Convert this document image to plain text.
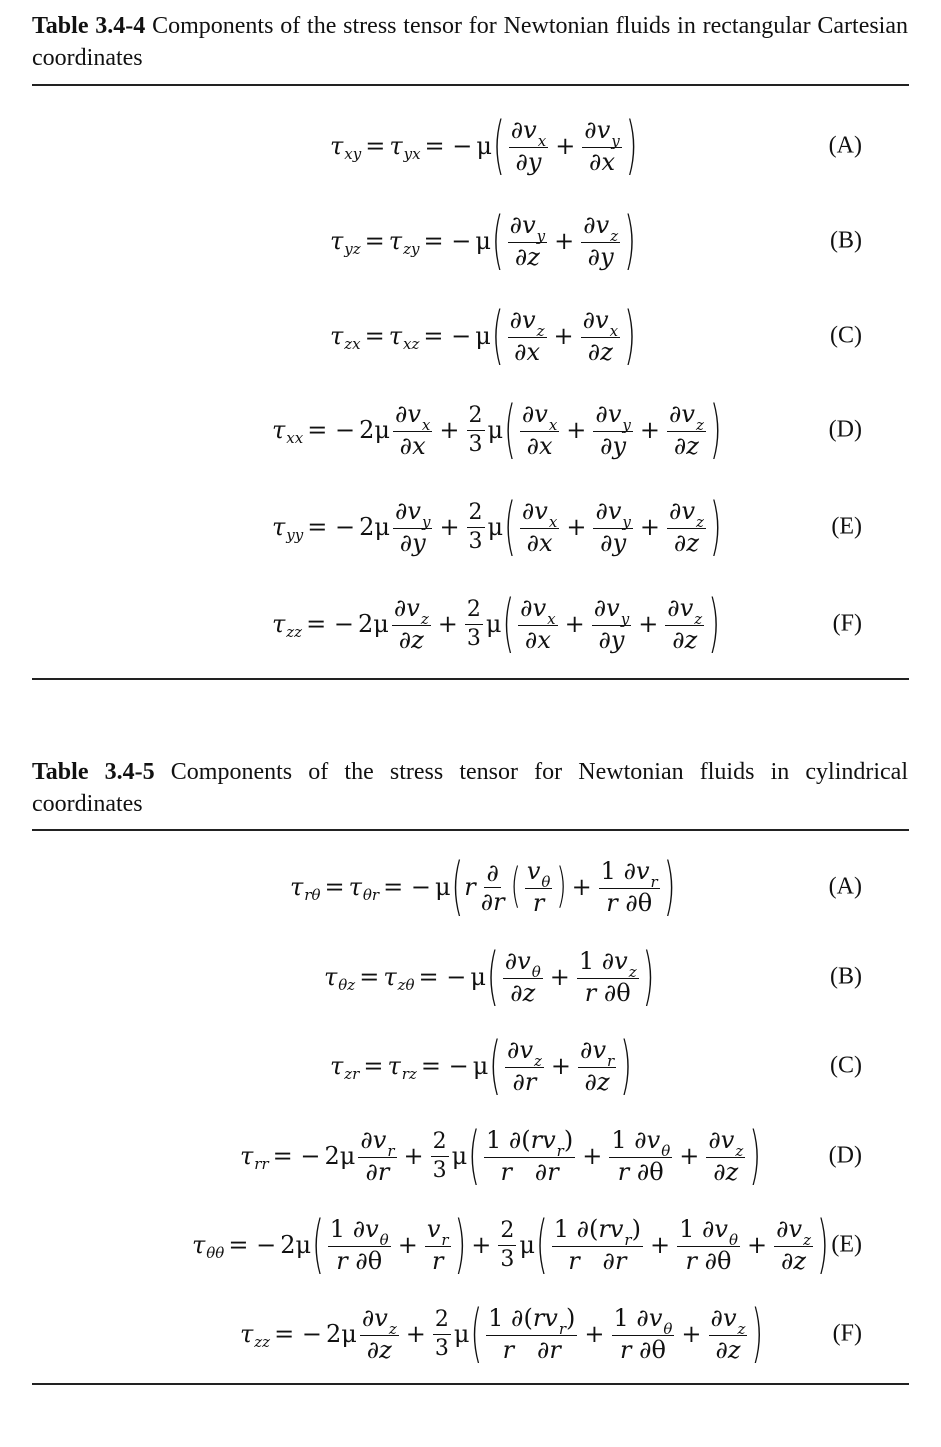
Table 3.4-4 Components of the stress tensor for Newtonian fluids in rectangular Cartesian coordinates
τ xy = τ yx = − μ ( $\frac{\partial v_x}{\partial y} + \frac{\partial v_y}{\partial x}$ )	(A)
τ yz = τ zy = − μ ( $\frac{\partial v_y}{\partial z} + \frac{\partial v_z}{\partial y}$ )	(B)
τ zx = τ xz = − μ ( $\frac{\partial v_z}{\partial x} + \frac{\partial v_x}{\partial z}$ )	(C)
τ xx = − $2\mu \frac{\partial v_x}{\partial x} + \frac{2}{3}$ μ ( $\frac{\partial v_x}{\partial x} + \frac{\partial v_y}{\partial y} + \frac{\partial v_z}{\partial z}$ )	(D)
τ yy = − $2\mu \frac{\partial v_y}{\partial y} + \frac{2}{3}$ μ ( $\frac{\partial v_x}{\partial x} + \frac{\partial v_y}{\partial y} + \frac{\partial v_z}{\partial z}$ )	(E)
τ zz = − $2\mu \frac{\partial v_z}{\partial z} + \frac{2}{3}$ μ ( $\frac{\partial v_x}{\partial x} + \frac{\partial v_y}{\partial y} + \frac{\partial v_z}{\partial z}$ )	(F)
Table 3.4-5 Components of the stress tensor for Newtonian fluids in cylindrical coordinates
τ rθ = τ θr = − μ ( r $\frac{\partial}{\partial r}$ ( $\frac{v_\theta}{r}$ ) + $\frac{1 \partial v_r}{r \partial\theta}$ )	(A)
τ θz = τ zθ = − μ ( $\frac{\partial v_\theta}{\partial z} + \frac{1 \partial v_z}{r \partial\theta}$ )	(B)
τ zr = τ rz = − μ ( $\frac{\partial v_z}{\partial r} + \frac{\partial v_r}{\partial z}$ )	(C)
τ rr = − $2\mu \frac{\partial v_r}{\partial r} + \frac{2}{3}$ μ ( $\frac{1 \partial(rv_r)}{r \partial r} + \frac{1 \partial v_\theta}{r \partial\theta} + \frac{\partial v_z}{\partial z}$ )	(D)
τ θθ = − 2μ ( $\frac{1 \partial v_\theta}{r \partial\theta} + \frac{v_r}{r}$ ) + $\frac{2}{3}$ μ ( $\frac{1 \partial(rv_r)}{r \partial r} + \frac{1 \partial v_\theta}{r \partial\theta} + \frac{\partial v_z}{\partial z}$ ) (E)
τ zz = − $2\mu \frac{\partial v_z}{\partial z} + \frac{2}{3}$ μ ( $\frac{1 \partial(rv_r)}{r \partial r} + \frac{1 \partial v_\theta}{r \partial\theta} + \frac{\partial v_z}{\partial z}$ )	(F)
